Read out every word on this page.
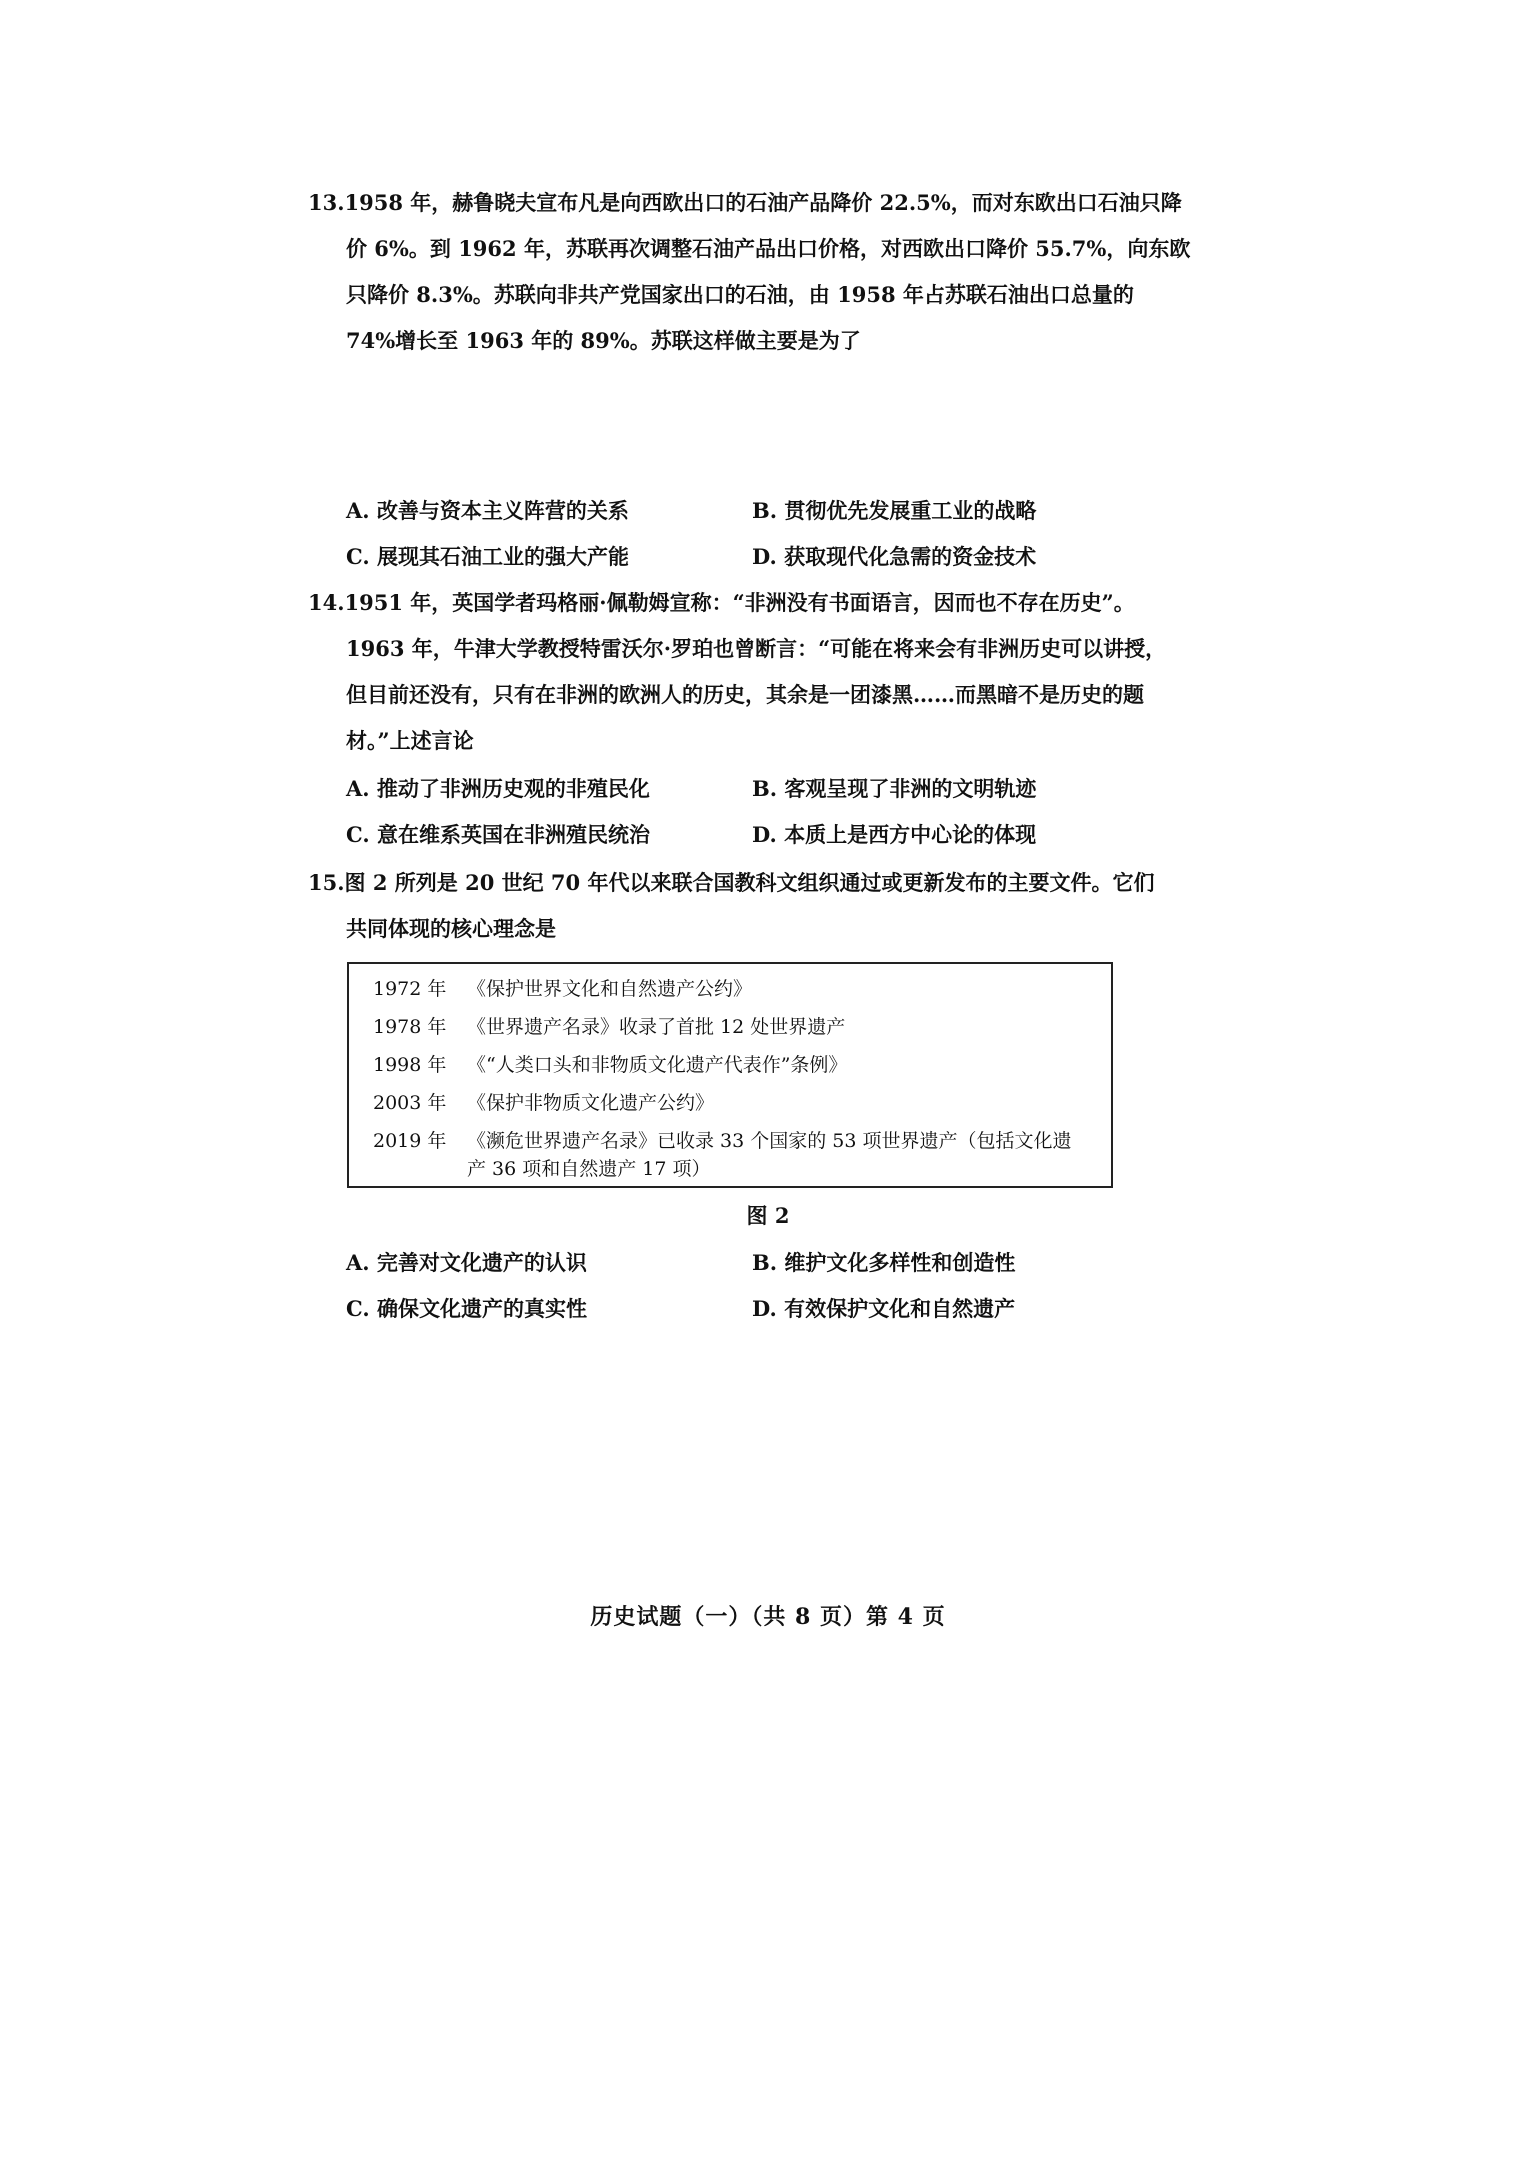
13.1958 年，赫鲁晓夫宣布凡是向西欧出口的石油产品降价 22.5%，而对东欧出口石油只降
价 6%。到 1962 年，苏联再次调整石油产品出口价格，对西欧出口降价 55.7%，向东欧
只降价 8.3%。苏联向非共产党国家出口的石油，由 1958 年占苏联石油出口总量的
74%增长至 1963 年的 89%。苏联这样做主要是为了
A. 改善与资本主义阵营的关系	B. 贯彻优先发展重工业的战略
C. 展现其石油工业的强大产能	D. 获取现代化急需的资金技术
14.1951 年，英国学者玛格丽·佩勒姆宣称：“非洲没有书面语言，因而也不存在历史”。
1963 年，牛津大学教授特雷沃尔·罗珀也曾断言：“可能在将来会有非洲历史可以讲授，
但目前还没有，只有在非洲的欧洲人的历史，其余是一团漆黑……而黑暗不是历史的题
材。”上述言论
A. 推动了非洲历史观的非殖民化	B. 客观呈现了非洲的文明轨迹
C. 意在维系英国在非洲殖民统治	D. 本质上是西方中心论的体现
15.图 2 所列是 20 世纪 70 年代以来联合国教科文组织通过或更新发布的主要文件。它们
共同体现的核心理念是
1972 年 《保护世界文化和自然遗产公约》
1978 年 《世界遗产名录》收录了首批 12 处世界遗产
1998 年 《“人类口头和非物质文化遗产代表作”条例》
2003 年 《保护非物质文化遗产公约》
2019 年 《濒危世界遗产名录》已收录 33 个国家的 53 项世界遗产（包括文化遗
产 36 项和自然遗产 17 项）
图 2
A. 完善对文化遗产的认识	B. 维护文化多样性和创造性
C. 确保文化遗产的真实性	D. 有效保护文化和自然遗产
历史试题（一）（共 8 页）第 4 页
